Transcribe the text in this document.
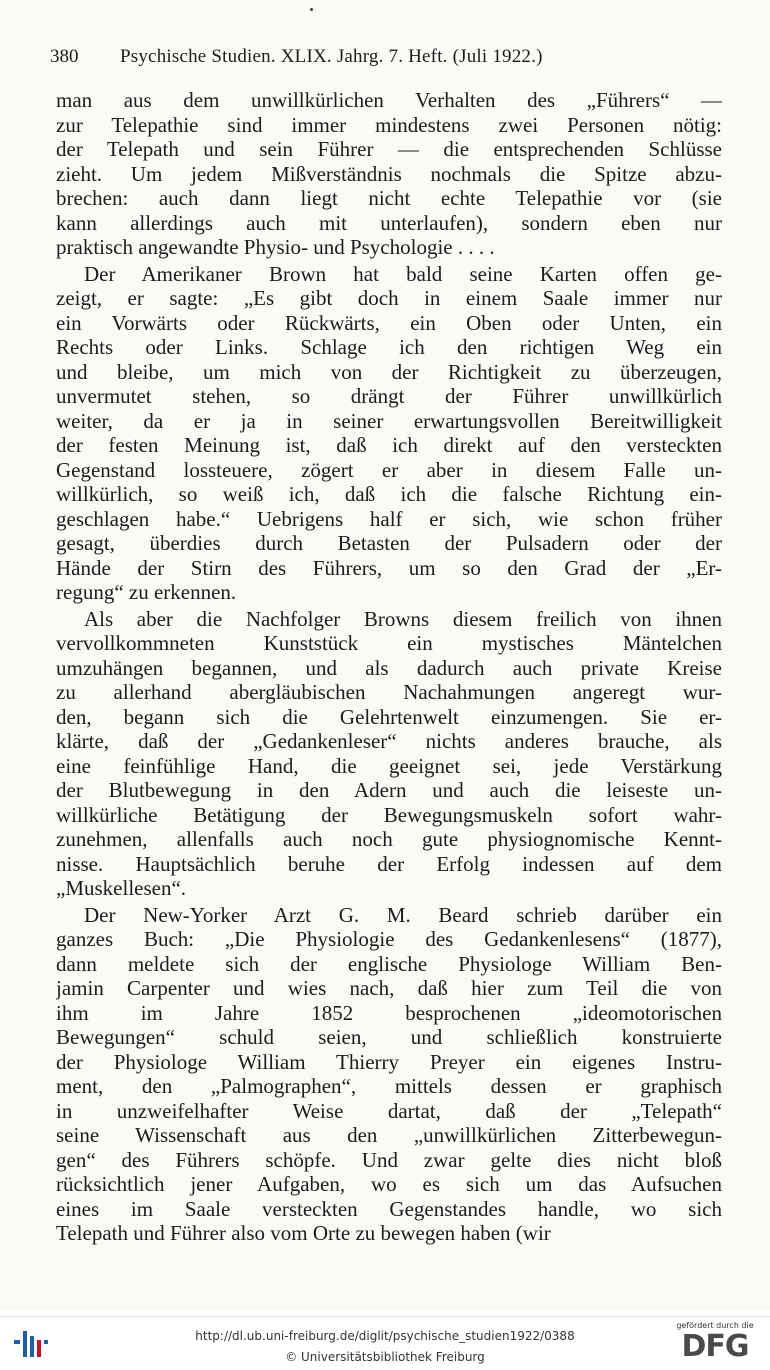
380 Psychische Studien. XLIX. Jahrg. 7. Heft. (Juli 1922.)
man aus dem unwillkürlichen Verhalten des „Führers“ —
zur Telepathie sind immer mindestens zwei Personen nötig:
der Telepath und sein Führer — die entsprechenden Schlüsse
zieht. Um jedem Mißverständnis nochmals die Spitze abzu-
brechen: auch dann liegt nicht echte Telepathie vor (sie
kann allerdings auch mit unterlaufen), sondern eben nur
praktisch angewandte Physio- und Psychologie . . . .
Der Amerikaner Brown hat bald seine Karten offen ge-
zeigt, er sagte: „Es gibt doch in einem Saale immer nur
ein Vorwärts oder Rückwärts, ein Oben oder Unten, ein
Rechts oder Links. Schlage ich den richtigen Weg ein
und bleibe, um mich von der Richtigkeit zu überzeugen,
unvermutet stehen, so drängt der Führer unwillkürlich
weiter, da er ja in seiner erwartungsvollen Bereitwilligkeit
der festen Meinung ist, daß ich direkt auf den versteckten
Gegenstand lossteuere, zögert er aber in diesem Falle un-
willkürlich, so weiß ich, daß ich die falsche Richtung ein-
geschlagen habe.“ Uebrigens half er sich, wie schon früher
gesagt, überdies durch Betasten der Pulsadern oder der
Hände der Stirn des Führers, um so den Grad der „Er-
regung“ zu erkennen.
Als aber die Nachfolger Browns diesem freilich von ihnen
vervollkommneten Kunststück ein mystisches Mäntelchen
umzuhängen begannen, und als dadurch auch private Kreise
zu allerhand abergläubischen Nachahmungen angeregt wur-
den, begann sich die Gelehrtenwelt einzumengen. Sie er-
klärte, daß der „Gedankenleser“ nichts anderes brauche, als
eine feinfühlige Hand, die geeignet sei, jede Verstärkung
der Blutbewegung in den Adern und auch die leiseste un-
willkürliche Betätigung der Bewegungsmuskeln sofort wahr-
zunehmen, allenfalls auch noch gute physiognomische Kennt-
nisse. Hauptsächlich beruhe der Erfolg indessen auf dem
„Muskellesen“.
Der New-Yorker Arzt G. M. Beard schrieb darüber ein
ganzes Buch: „Die Physiologie des Gedankenlesens“ (1877),
dann meldete sich der englische Physiologe William Ben-
jamin Carpenter und wies nach, daß hier zum Teil die von
ihm im Jahre 1852 besprochenen „ideomotorischen
Bewegungen“ schuld seien, und schließlich konstruierte
der Physiologe William Thierry Preyer ein eigenes Instru-
ment, den „Palmographen“, mittels dessen er graphisch
in unzweifelhafter Weise dartat, daß der „Telepath“
seine Wissenschaft aus den „unwillkürlichen Zitterbewegun-
gen“ des Führers schöpfe. Und zwar gelte dies nicht bloß
rücksichtlich jener Aufgaben, wo es sich um das Aufsuchen
eines im Saale versteckten Gegenstandes handle, wo sich
Telepath und Führer also vom Orte zu bewegen haben (wir
http://dl.ub.uni-freiburg.de/diglit/psychische_studien1922/0388
© Universitätsbibliothek Freiburg
gefördert durch die
DFG
